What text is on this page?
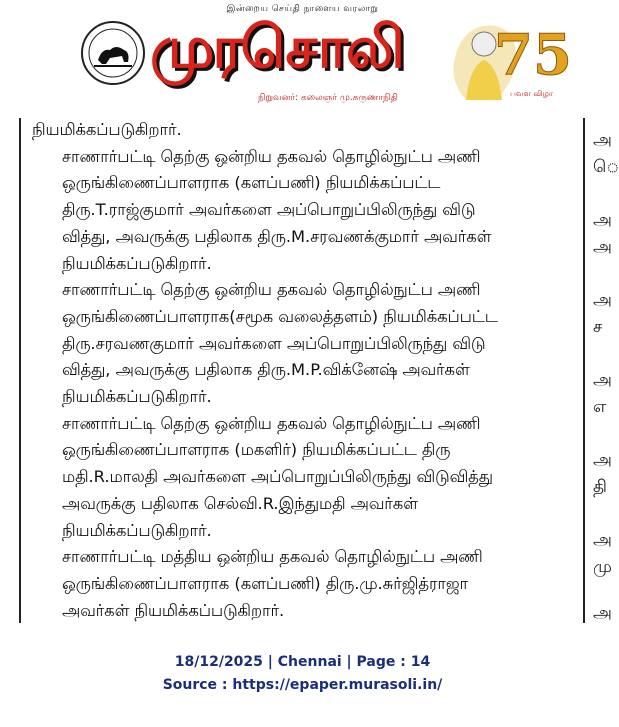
இன்றைய செய்தி நாளைய வரலாறு
முரசொலி
நிறுவனர்: கலைஞர் மு.கருணாநிதி
75
பவள விழா

நியமிக்கப்படுகிறார்.

சாணார்பட்டி தெற்கு ஒன்றிய தகவல் தொழில்நுட்ப அணி
ஒருங்கிணைப்பாளராக (களப்பணி) நியமிக்கப்பட்ட
திரு.T.ராஜ்குமார் அவர்களை அப்பொறுப்பிலிருந்து விடு
வித்து, அவருக்கு பதிலாக திரு.M.சரவணக்குமார் அவர்கள்
நியமிக்கப்படுகிறார்.

சாணார்பட்டி தெற்கு ஒன்றிய தகவல் தொழில்நுட்ப அணி
ஒருங்கிணைப்பாளராக(சமூக வலைத்தளம்) நியமிக்கப்பட்ட
திரு.சரவணகுமார் அவர்களை அப்பொறுப்பிலிருந்து விடு
வித்து, அவருக்கு பதிலாக திரு.M.P.விக்னேஷ் அவர்கள்
நியமிக்கப்படுகிறார்.

சாணார்பட்டி தெற்கு ஒன்றிய தகவல் தொழில்நுட்ப அணி
ஒருங்கிணைப்பாளராக (மகளிர்) நியமிக்கப்பட்ட திரு
மதி.R.மாலதி அவர்களை அப்பொறுப்பிலிருந்து விடுவித்து
அவருக்கு பதிலாக செல்வி.R.இந்துமதி அவர்கள்
நியமிக்கப்படுகிறார்.

சாணார்பட்டி மத்திய ஒன்றிய தகவல் தொழில்நுட்ப அணி
ஒருங்கிணைப்பாளராக (களப்பணி) திரு.மு.சுர்ஜித்ராஜா
அவர்கள் நியமிக்கப்படுகிறார்.

அ
ெ
அ
அ
அ
ச
அ
எ
அ
தி
அ
மு
அ
18/12/2025 | Chennai | Page : 14
Source : https://epaper.murasoli.in/
